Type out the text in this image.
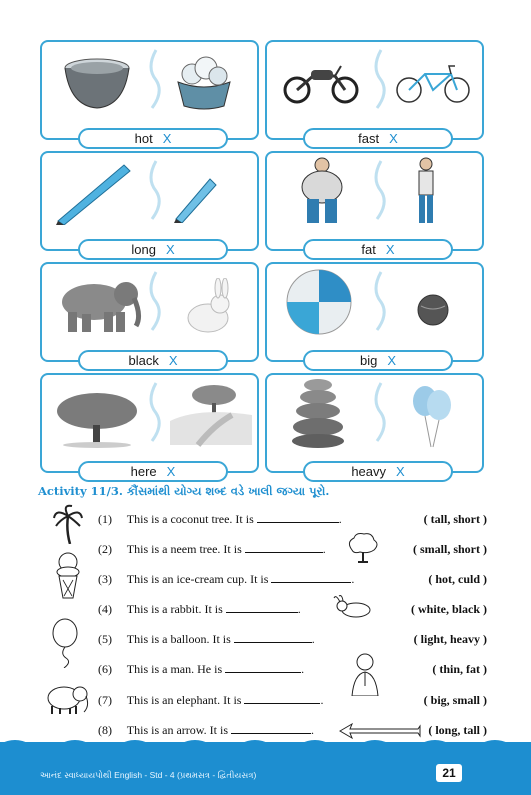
hot X	fast X
long X	fat X
black X	big X
here X	heavy X
Activity 11/3. કૌંસમાંથી યોગ્ય શબ્દ વડે ખાલી જગ્યા પૂરો.
(1) This is a coconut tree. It is	.	( tall, short )
(2) This is a neem tree. It is	.	( small, short )
(3) This is an ice-cream cup. It is	.	( hot, culd )
(4) This is a rabbit. It is	.	( white, black )
(5) This is a balloon. It is	.	( light, heavy )
(6) This is a man. He is	.	( thin, fat )
(7) This is an elephant. It is	.	( big, small )
(8) This is an arrow. It is	.	( long, tall )
આનંદ સ્વાધ્યાયપોથી English - Std - 4 (પ્રથમસત્ર - દ્વિતીયસત્ર)	21
